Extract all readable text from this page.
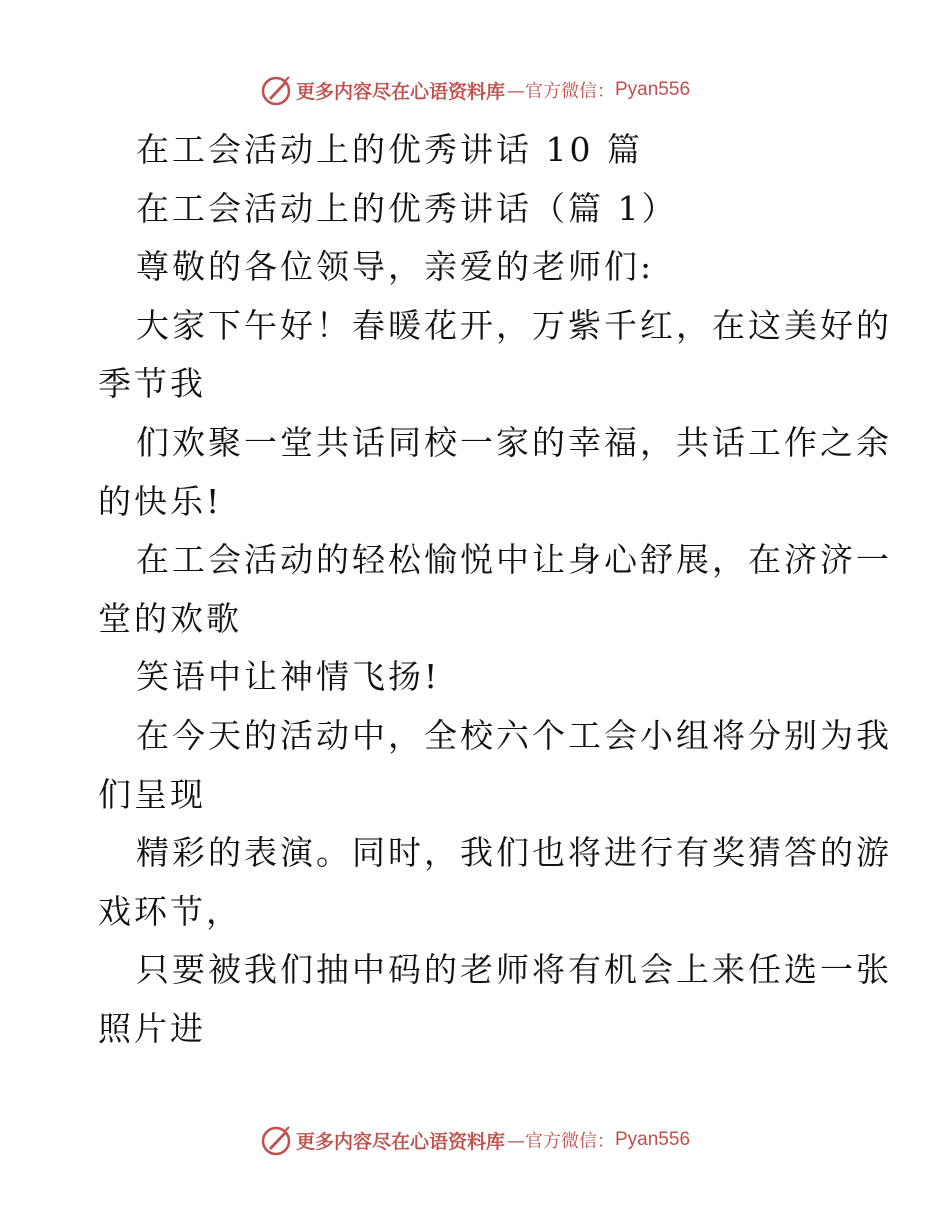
更多内容尽在心语资料库 —官方微信： Pyan556
在工会活动上的优秀讲话 10 篇
在工会活动上的优秀讲话（篇 1）
尊敬的各位领导，亲爱的老师们:
大家下午好！春暖花开，万紫千红，在这美好的
季节我
们欢聚一堂共话同校一家的幸福，共话工作之余
的快乐!
在工会活动的轻松愉悦中让身心舒展，在济济一
堂的欢歌
笑语中让神情飞扬!
在今天的活动中，全校六个工会小组将分别为我
们呈现
精彩的表演。同时，我们也将进行有奖猜答的游
戏环节，
只要被我们抽中码的老师将有机会上来任选一张
照片进
更多内容尽在心语资料库 —官方微信： Pyan556
